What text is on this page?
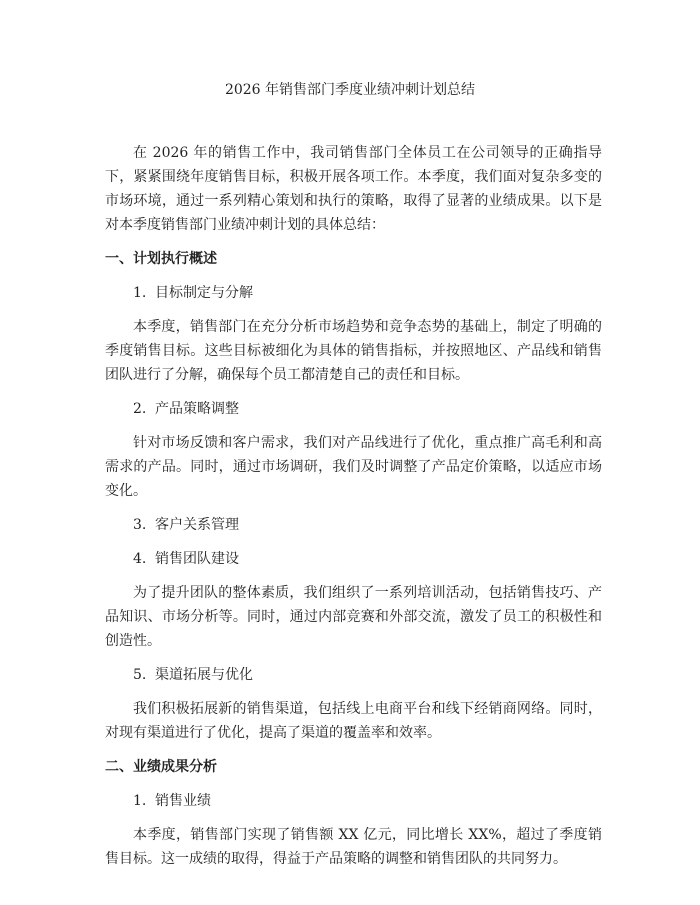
2026 年销售部门季度业绩冲刺计划总结

在 2026 年的销售工作中，我司销售部门全体员工在公司领导的正确指导下，紧紧围绕年度销售目标，积极开展各项工作。本季度，我们面对复杂多变的市场环境，通过一系列精心策划和执行的策略，取得了显著的业绩成果。以下是对本季度销售部门业绩冲刺计划的具体总结：

一、计划执行概述

1. 目标制定与分解

本季度，销售部门在充分分析市场趋势和竞争态势的基础上，制定了明确的季度销售目标。这些目标被细化为具体的销售指标，并按照地区、产品线和销售团队进行了分解，确保每个员工都清楚自己的责任和目标。

2. 产品策略调整

针对市场反馈和客户需求，我们对产品线进行了优化，重点推广高毛利和高需求的产品。同时，通过市场调研，我们及时调整了产品定价策略，以适应市场变化。

3. 客户关系管理

4. 销售团队建设

为了提升团队的整体素质，我们组织了一系列培训活动，包括销售技巧、产品知识、市场分析等。同时，通过内部竞赛和外部交流，激发了员工的积极性和创造性。

5. 渠道拓展与优化

我们积极拓展新的销售渠道，包括线上电商平台和线下经销商网络。同时，对现有渠道进行了优化，提高了渠道的覆盖率和效率。

二、业绩成果分析

1. 销售业绩

本季度，销售部门实现了销售额 XX 亿元，同比增长 XX%，超过了季度销售目标。这一成绩的取得，得益于产品策略的调整和销售团队的共同努力。
